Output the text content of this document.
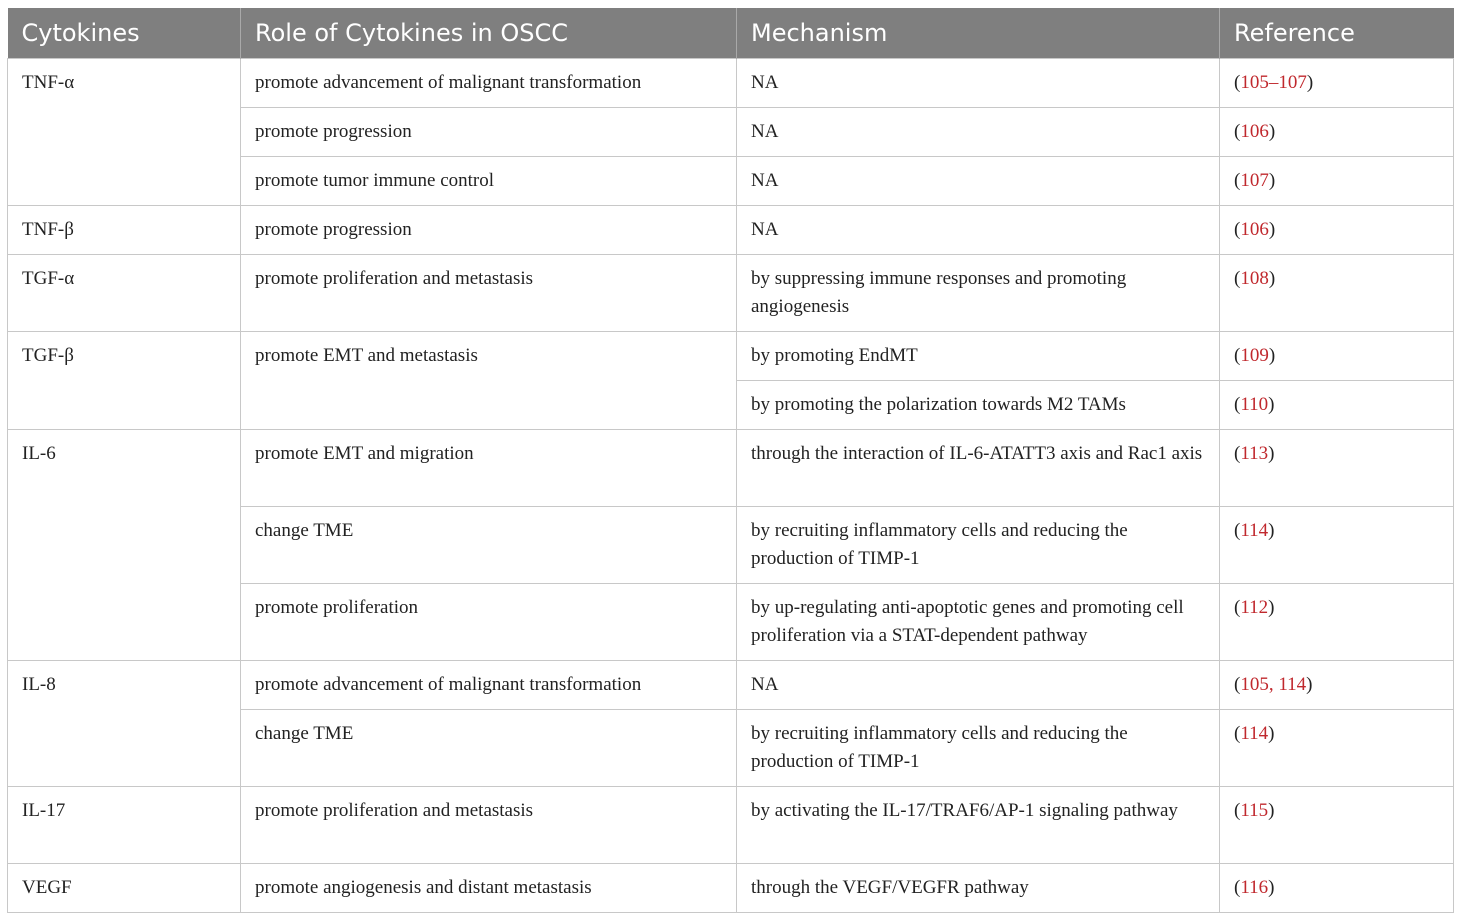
Cytokines	Role of Cytokines in OSCC	Mechanism	Reference
TNF-α	promote advancement of malignant transformation	NA	(105–107)
	promote progression	NA	(106)
	promote tumor immune control	NA	(107)
TNF-β	promote progression	NA	(106)
TGF-α	promote proliferation and metastasis	by suppressing immune responses and promoting angiogenesis	(108)
TGF-β	promote EMT and metastasis	by promoting EndMT	(109)
		by promoting the polarization towards M2 TAMs	(110)
IL-6	promote EMT and migration	through the interaction of IL-6-ATATT3 axis and Rac1 axis	(113)
	change TME	by recruiting inflammatory cells and reducing the production of TIMP-1	(114)
	promote proliferation	by up-regulating anti-apoptotic genes and promoting cell proliferation via a STAT-dependent pathway	(112)
IL-8	promote advancement of malignant transformation	NA	(105, 114)
	change TME	by recruiting inflammatory cells and reducing the production of TIMP-1	(114)
IL-17	promote proliferation and metastasis	by activating the IL-17/TRAF6/AP-1 signaling pathway	(115)
VEGF	promote angiogenesis and distant metastasis	through the VEGF/VEGFR pathway	(116)
